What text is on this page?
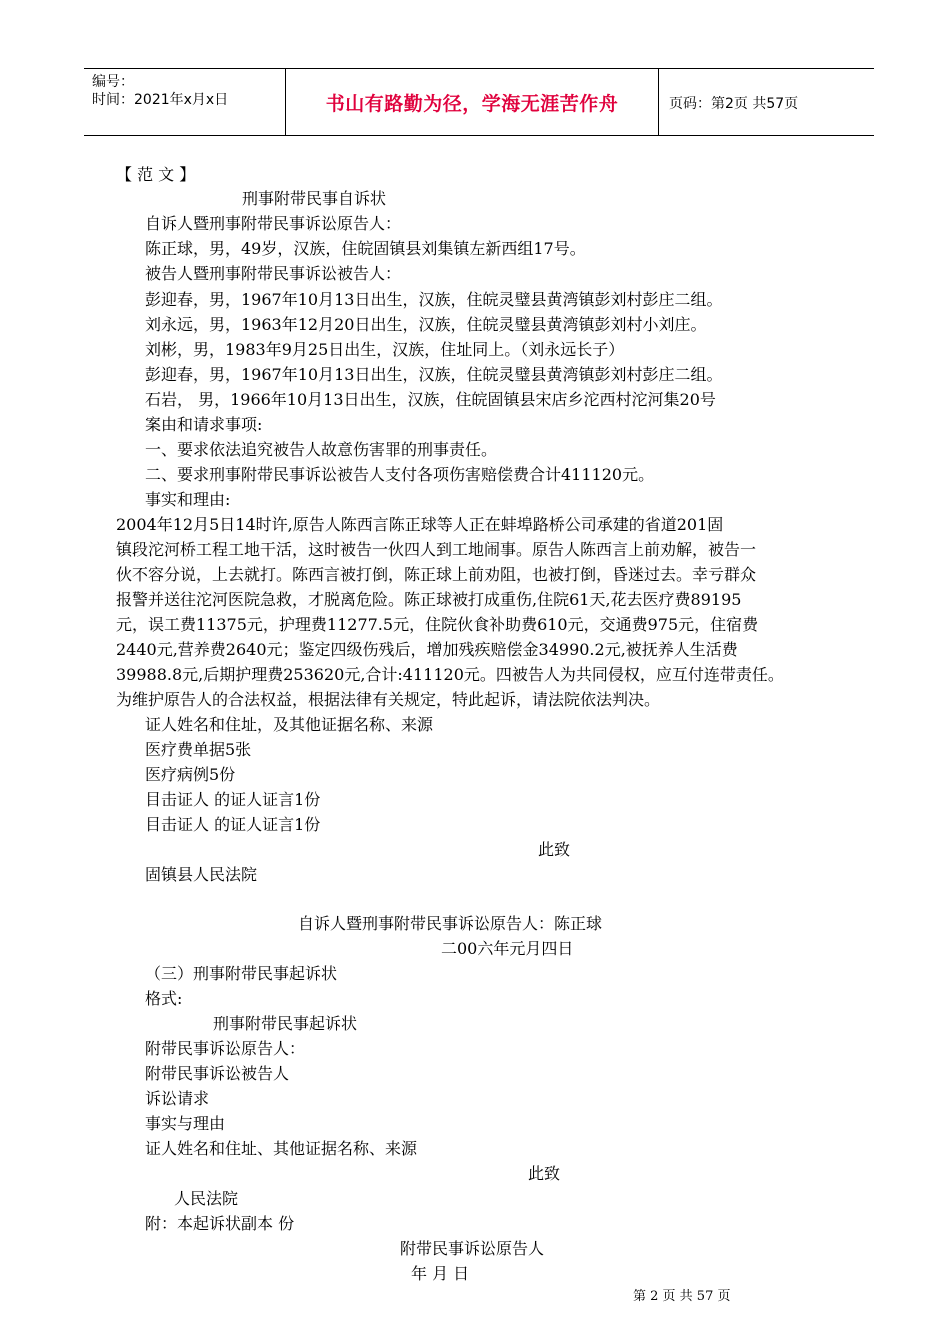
编号：
时间：2021年x月x日	书山有路勤为径，学海无涯苦作舟	页码：第2页 共57页
【 范 文 】
刑事附带民事自诉状
自诉人暨刑事附带民事诉讼原告人：
陈正球，男，49岁，汉族，住皖固镇县刘集镇左新西组17号。
被告人暨刑事附带民事诉讼被告人：
彭迎春，男，1967年10月13日出生，汉族，住皖灵璧县黄湾镇彭刘村彭庄二组。
刘永远，男，1963年12月20日出生，汉族，住皖灵璧县黄湾镇彭刘村小刘庄。
刘彬，男，1983年9月25日出生，汉族，住址同上。（刘永远长子）
彭迎春，男，1967年10月13日出生，汉族，住皖灵璧县黄湾镇彭刘村彭庄二组。
石岩， 男，1966年10月13日出生，汉族，住皖固镇县宋店乡沱西村沱河集20号
案由和请求事项:
一、要求依法追究被告人故意伤害罪的刑事责任。
二、要求刑事附带民事诉讼被告人支付各项伤害赔偿费合计411120元。
事实和理由:
2004年12月5日14时许,原告人陈西言陈正球等人正在蚌埠路桥公司承建的省道201固
镇段沱河桥工程工地干活，这时被告一伙四人到工地闹事。原告人陈西言上前劝解，被告一
伙不容分说，上去就打。陈西言被打倒，陈正球上前劝阻，也被打倒，昏迷过去。幸亏群众
报警并送往沱河医院急救，才脱离危险。陈正球被打成重伤,住院61天,花去医疗费89195
元，误工费11375元，护理费11277.5元，住院伙食补助费610元，交通费975元，住宿费
2440元,营养费2640元；鉴定四级伤残后，增加残疾赔偿金34990.2元,被抚养人生活费
39988.8元,后期护理费253620元,合计:411120元。四被告人为共同侵权，应互付连带责任。
为维护原告人的合法权益，根据法律有关规定，特此起诉，请法院依法判决。
证人姓名和住址，及其他证据名称、来源
医疗费单据5张
医疗病例5份
目击证人 的证人证言1份
目击证人 的证人证言1份
此致
固镇县人民法院
自诉人暨刑事附带民事诉讼原告人：陈正球
二00六年元月四日
（三）刑事附带民事起诉状
格式:
刑事附带民事起诉状
附带民事诉讼原告人：
附带民事诉讼被告人
诉讼请求
事实与理由
证人姓名和住址、其他证据名称、来源
此致
人民法院
附：本起诉状副本 份
附带民事诉讼原告人
年 月 日
第 2 页 共 57 页
